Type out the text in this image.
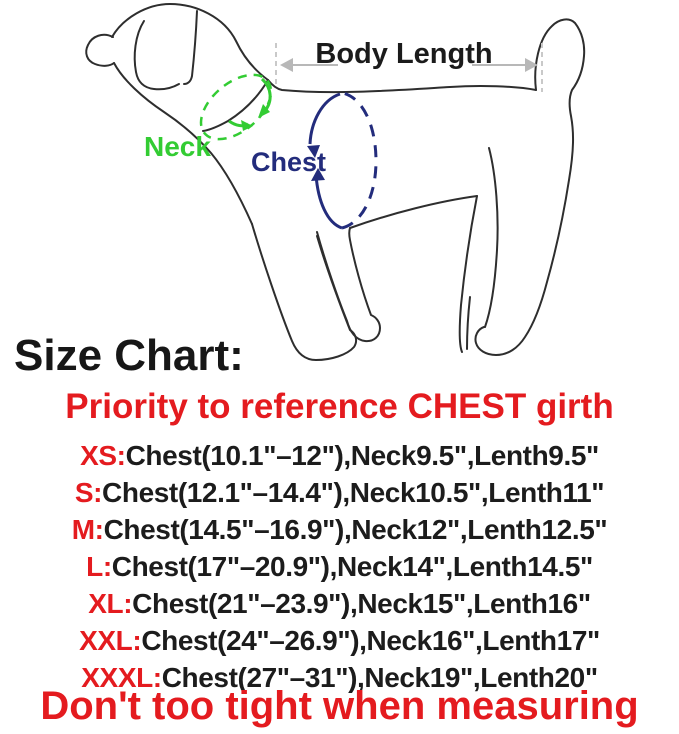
Body Length
Neck Chest
Size Chart:
Priority to reference CHEST girth
XS:Chest(10.1"–12"),Neck9.5",Lenth9.5"
S:Chest(12.1"–14.4"),Neck10.5",Lenth11"
M:Chest(14.5"–16.9"),Neck12",Lenth12.5"
L:Chest(17"–20.9"),Neck14",Lenth14.5"
XL:Chest(21"–23.9"),Neck15",Lenth16"
XXL:Chest(24"–26.9"),Neck16",Lenth17"
XXXL:Chest(27"–31"),Neck19",Lenth20"
Don't too tight when measuring
